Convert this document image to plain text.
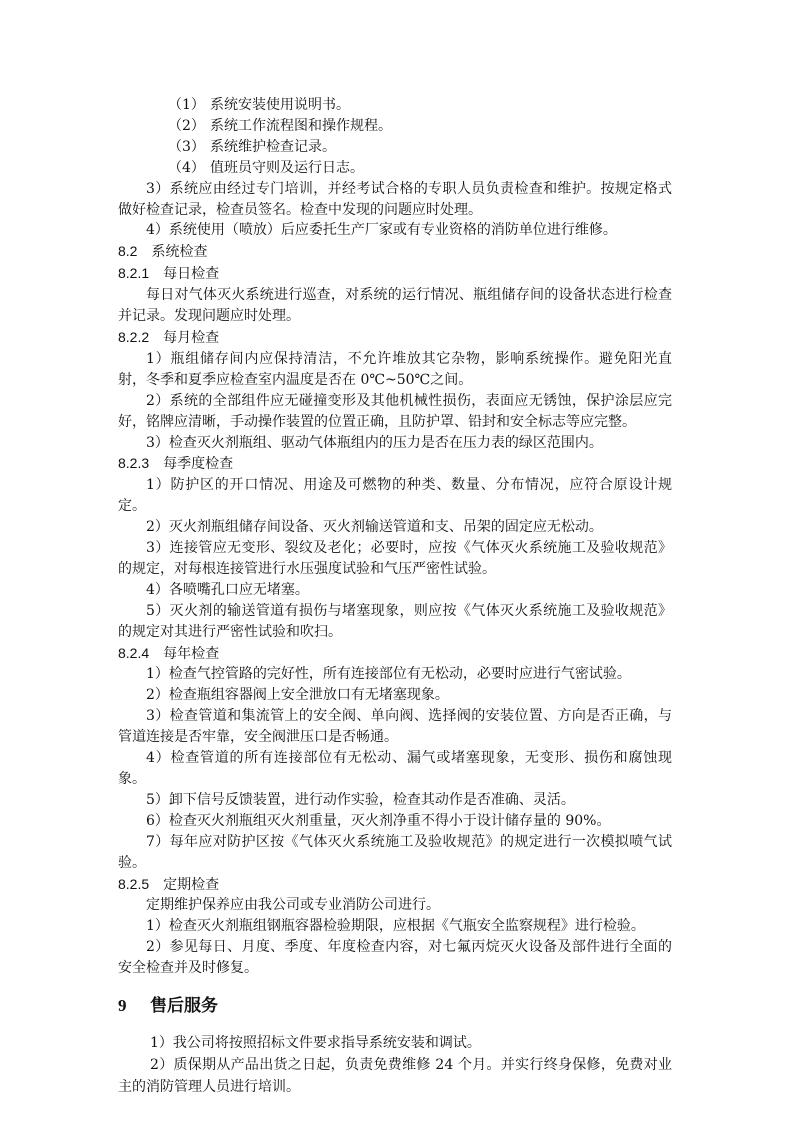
（1） 系统安装使用说明书。

（2） 系统工作流程图和操作规程。

（3） 系统维护检查记录。

（4） 值班员守则及运行日志。

3）系统应由经过专门培训，并经考试合格的专职人员负责检查和维护。按规定格式做好检查记录，检查员签名。检查中发现的问题应时处理。

4）系统使用（喷放）后应委托生产厂家或有专业资格的消防单位进行维修。

8.2 系统检查

8.2.1 每日检查

每日对气体灭火系统进行巡查，对系统的运行情况、瓶组储存间的设备状态进行检查并记录。发现问题应时处理。

8.2.2 每月检查

1）瓶组储存间内应保持清洁，不允许堆放其它杂物，影响系统操作。避免阳光直射，冬季和夏季应检查室内温度是否在 0℃~50℃之间。

2）系统的全部组件应无碰撞变形及其他机械性损伤，表面应无锈蚀，保护涂层应完好，铭牌应清晰，手动操作装置的位置正确，且防护罩、铅封和安全标志等应完整。

3）检查灭火剂瓶组、驱动气体瓶组内的压力是否在压力表的绿区范围内。

8.2.3 每季度检查

1）防护区的开口情况、用途及可燃物的种类、数量、分布情况，应符合原设计规定。

2）灭火剂瓶组储存间设备、灭火剂输送管道和支、吊架的固定应无松动。

3）连接管应无变形、裂纹及老化；必要时，应按《气体灭火系统施工及验收规范》的规定，对每根连接管进行水压强度试验和气压严密性试验。

4）各喷嘴孔口应无堵塞。

5）灭火剂的输送管道有损伤与堵塞现象，则应按《气体灭火系统施工及验收规范》的规定对其进行严密性试验和吹扫。

8.2.4 每年检查

1）检查气控管路的完好性，所有连接部位有无松动，必要时应进行气密试验。

2）检查瓶组容器阀上安全泄放口有无堵塞现象。

3）检查管道和集流管上的安全阀、单向阀、选择阀的安装位置、方向是否正确，与管道连接是否牢靠，安全阀泄压口是否畅通。

4）检查管道的所有连接部位有无松动、漏气或堵塞现象，无变形、损伤和腐蚀现象。

5）卸下信号反馈装置，进行动作实验，检查其动作是否准确、灵活。

6）检查灭火剂瓶组灭火剂重量，灭火剂净重不得小于设计储存量的 90%。

7）每年应对防护区按《气体灭火系统施工及验收规范》的规定进行一次模拟喷气试验。

8.2.5 定期检查

定期维护保养应由我公司或专业消防公司进行。

1）检查灭火剂瓶组钢瓶容器检验期限，应根据《气瓶安全监察规程》进行检验。

2）参见每日、月度、季度、年度检查内容，对七氟丙烷灭火设备及部件进行全面的安全检查并及时修复。

9 售后服务

1）我公司将按照招标文件要求指导系统安装和调试。

2）质保期从产品出货之日起，负责免费维修 24 个月。并实行终身保修，免费对业主的消防管理人员进行培训。
